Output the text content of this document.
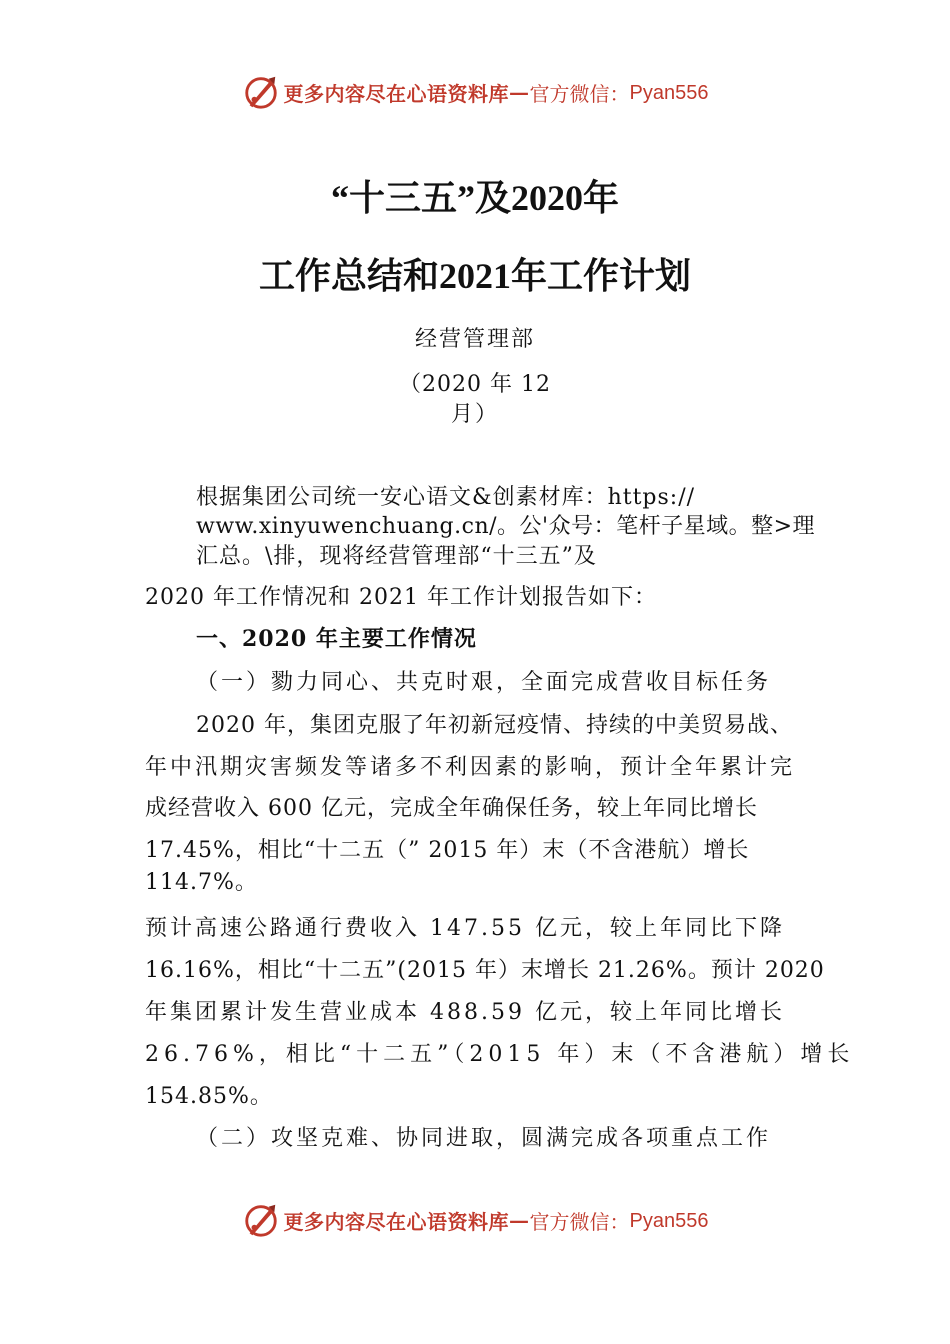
更多内容尽在心语资料库 — 官方微信： Pyan556
“十三五”及2020年
工作总结和2021年工作计划

经营管理部

（2020 年 12

月）

根据集团公司统一安心语文&创素材库：https://

www.xinyuwenchuang.cn/。公'众号：笔杆子星域。整>理

汇总。\排，现将经营管理部“十三五”及

2020 年工作情况和 2021 年工作计划报告如下：

一、2020 年主要工作情况

（一）勠力同心、共克时艰，全面完成营收目标任务

2020 年，集团克服了年初新冠疫情、持续的中美贸易战、

年中汛期灾害频发等诸多不利因素的影响，预计全年累计完

成经营收入 600 亿元，完成全年确保任务，较上年同比增长

17.45%，相比“十二五（” 2015 年）末（不含港航）增长

114.7%。

预计高速公路通行费收入 147.55 亿元，较上年同比下降

16.16%，相比“十二五”(2015 年）末增长 21.26%。预计 2020

年集团累计发生营业成本 488.59 亿元，较上年同比增长

26.76%，相比“十二五”（2015 年）末（不含港航）增长

154.85%。

（二）攻坚克难、协同进取，圆满完成各项重点工作

更多内容尽在心语资料库 — 官方微信： Pyan556
